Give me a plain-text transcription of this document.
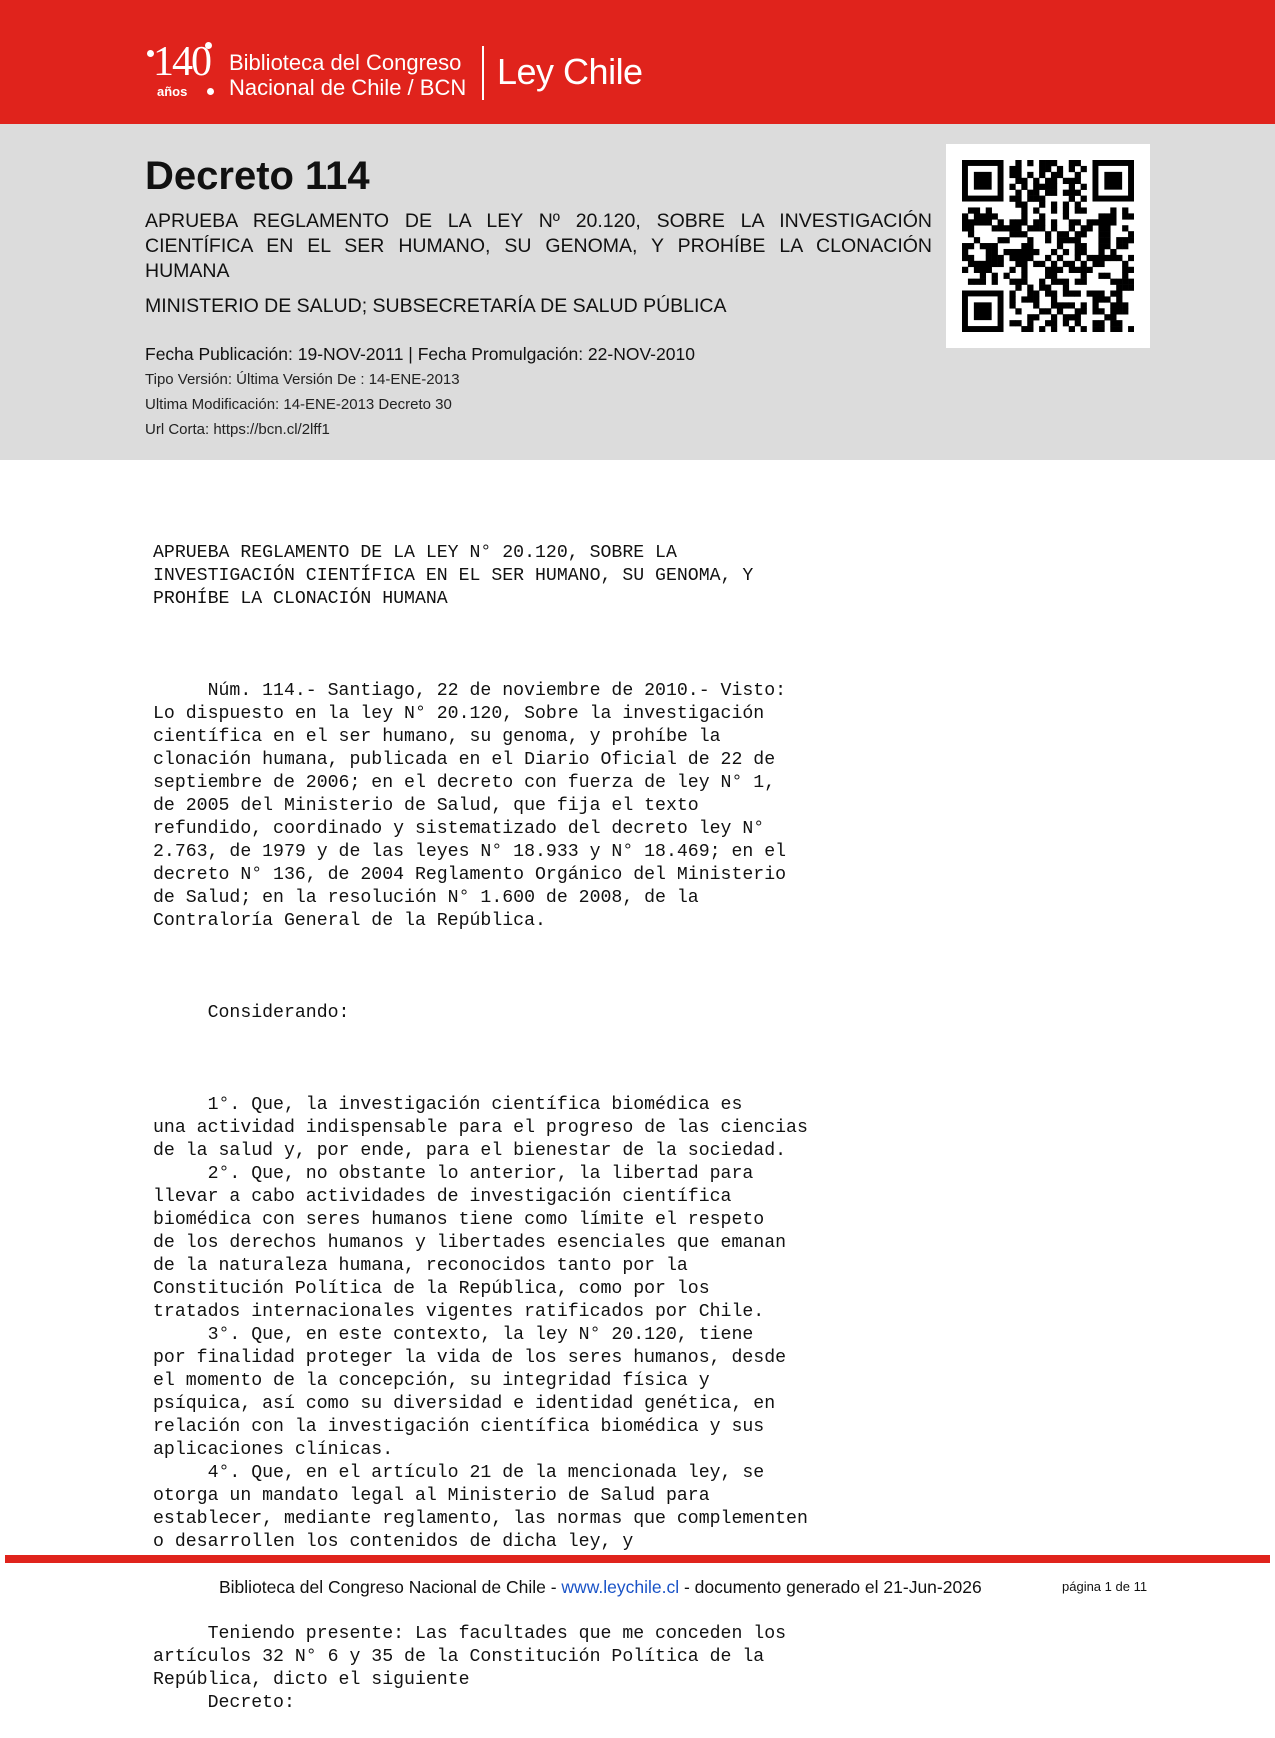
140
años
Biblioteca del Congreso
Nacional de Chile / BCN Ley Chile
Decreto 114
APRUEBA REGLAMENTO DE LA LEY Nº 20.120, SOBRE LA INVESTIGACIÓN CIENTÍFICA EN EL SER HUMANO, SU GENOMA, Y PROHÍBE LA CLONACIÓN HUMANA
MINISTERIO DE SALUD; SUBSECRETARÍA DE SALUD PÚBLICA
Fecha Publicación: 19-NOV-2011 | Fecha Promulgación: 22-NOV-2010
Tipo Versión: Última Versión De : 14-ENE-2013
Ultima Modificación: 14-ENE-2013 Decreto 30
Url Corta: https://bcn.cl/2lff1

APRUEBA REGLAMENTO DE LA LEY N° 20.120, SOBRE LA
INVESTIGACIÓN CIENTÍFICA EN EL SER HUMANO, SU GENOMA, Y
PROHÍBE LA CLONACIÓN HUMANA

Núm. 114.- Santiago, 22 de noviembre de 2010.- Visto:
Lo dispuesto en la ley N° 20.120, Sobre la investigación
científica en el ser humano, su genoma, y prohíbe la
clonación humana, publicada en el Diario Oficial de 22 de
septiembre de 2006; en el decreto con fuerza de ley N° 1,
de 2005 del Ministerio de Salud, que fija el texto
refundido, coordinado y sistematizado del decreto ley N°
2.763, de 1979 y de las leyes N° 18.933 y N° 18.469; en el
decreto N° 136, de 2004 Reglamento Orgánico del Ministerio
de Salud; en la resolución N° 1.600 de 2008, de la
Contraloría General de la República.

Considerando:

1°. Que, la investigación científica biomédica es
una actividad indispensable para el progreso de las ciencias
de la salud y, por ende, para el bienestar de la sociedad.
2°. Que, no obstante lo anterior, la libertad para
llevar a cabo actividades de investigación científica
biomédica con seres humanos tiene como límite el respeto
de los derechos humanos y libertades esenciales que emanan
de la naturaleza humana, reconocidos tanto por la
Constitución Política de la República, como por los
tratados internacionales vigentes ratificados por Chile.
3°. Que, en este contexto, la ley N° 20.120, tiene
por finalidad proteger la vida de los seres humanos, desde
el momento de la concepción, su integridad física y
psíquica, así como su diversidad e identidad genética, en
relación con la investigación científica biomédica y sus
aplicaciones clínicas.
4°. Que, en el artículo 21 de la mencionada ley, se
otorga un mandato legal al Ministerio de Salud para
establecer, mediante reglamento, las normas que complementen
o desarrollen los contenidos de dicha ley, y

Teniendo presente: Las facultades que me conceden los
artículos 32 N° 6 y 35 de la Constitución Política de la
República, dicto el siguiente
Decreto:

Biblioteca del Congreso Nacional de Chile - www.leychile.cl - documento generado el 21-Jun-2026	página 1 de 11
